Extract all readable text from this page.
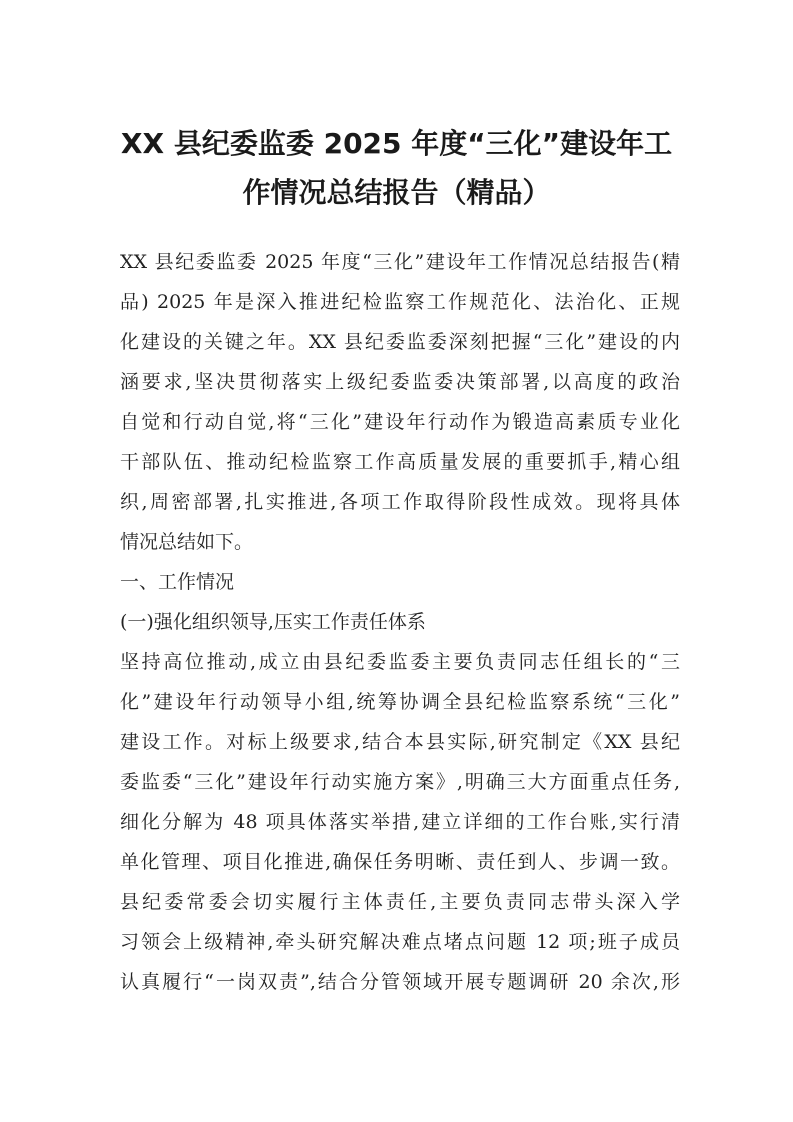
XX 县纪委监委 2025 年度“三化”建设年工
作情况总结报告（精品）

XX 县纪委监委 2025 年度“三化”建设年工作情况总结报告(精

品) 2025 年是深入推进纪检监察工作规范化、法治化、正规

化建设的关键之年。XX 县纪委监委深刻把握“三化”建设的内

涵要求,坚决贯彻落实上级纪委监委决策部署,以高度的政治

自觉和行动自觉,将“三化”建设年行动作为锻造高素质专业化

干部队伍、推动纪检监察工作高质量发展的重要抓手,精心组

织,周密部署,扎实推进,各项工作取得阶段性成效。现将具体

情况总结如下。

一、工作情况

(一)强化组织领导,压实工作责任体系

坚持高位推动,成立由县纪委监委主要负责同志任组长的“三

化”建设年行动领导小组,统筹协调全县纪检监察系统“三化”

建设工作。对标上级要求,结合本县实际,研究制定《XX 县纪

委监委“三化”建设年行动实施方案》,明确三大方面重点任务,

细化分解为 48 项具体落实举措,建立详细的工作台账,实行清

单化管理、项目化推进,确保任务明晰、责任到人、步调一致。

县纪委常委会切实履行主体责任,主要负责同志带头深入学

习领会上级精神,牵头研究解决难点堵点问题 12 项;班子成员

认真履行“一岗双责”,结合分管领域开展专题调研 20 余次,形
